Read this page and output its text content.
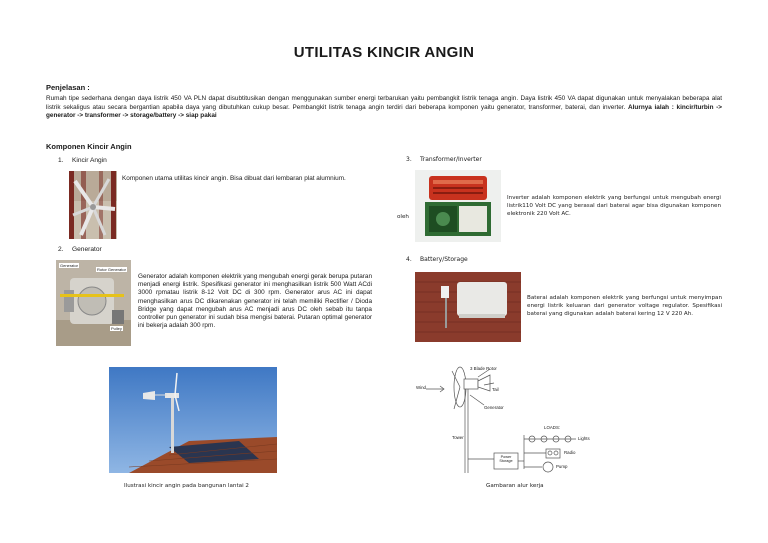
UTILITAS KINCIR ANGIN
Penjelasan :
Rumah tipe sederhana dengan daya listrik 450 VA PLN dapat disubtitusikan dengan menggunakan sumber energi terbarukan yaitu pembangkit listrik tenaga angin. Daya listrik 450 VA dapat digunakan untuk menyalakan beberapa alat listrik sekaligus atau secara bergantian apabila daya yang dibutuhkan cukup besar. Pembangkit listrik tenaga angin terdiri dari beberapa komponen yaitu generator, transformer, baterai, dan inverter. Alurnya ialah : kincir/turbin -> generator -> transformer -> storage/battery -> siap pakai
Komponen Kincir Angin
1. Kincir Angin
Komponen utama utilitas kincir angin. Bisa dibuat dari lembaran plat alumnium.
2. Generator
Generator
Rotor Generator
Pulley
Generator adalah komponen elektrik yang mengubah energi gerak berupa putaran menjadi energi listrik. Spesifikasi generator ini menghasilkan listrik 500 Watt ACdi 3000 rpmatau listrik 8-12 Volt DC di 300 rpm. Generator arus AC ini dapat menghasilkan arus DC dikarenakan generator ini telah memiliki Rectifier / Dioda Bridge yang dapat mengubah arus AC menjadi arus DC oleh sebab itu tanpa controller pun generator ini sudah bisa mengisi baterai. Putaran optimal generator ini bekerja adalah 300 rpm.
3. Transformer/Inverter
oleh
Inverter adalah komponen elektrik yang berfungsi untuk mengubah energi listrik110 Volt DC yang berasal dari baterai agar bisa digunakan komponen elektronik 220 Volt AC.
4. Battery/Storage
Baterai adalah komponen elektrik yang berfungsi untuk menyimpan energi listrik keluaran dari generator voltage regulator. Spesifikasi baterai yang digunakan adalah baterai kering 12 V 220 Ah.
Ilustrasi kincir angin pada bangunan lantai 2
3 Blade Rotor
Tail
Wind
Generator
Tower
LOADS:
Lights
Radio
Pump
Power Storage
Gambaran alur kerja
